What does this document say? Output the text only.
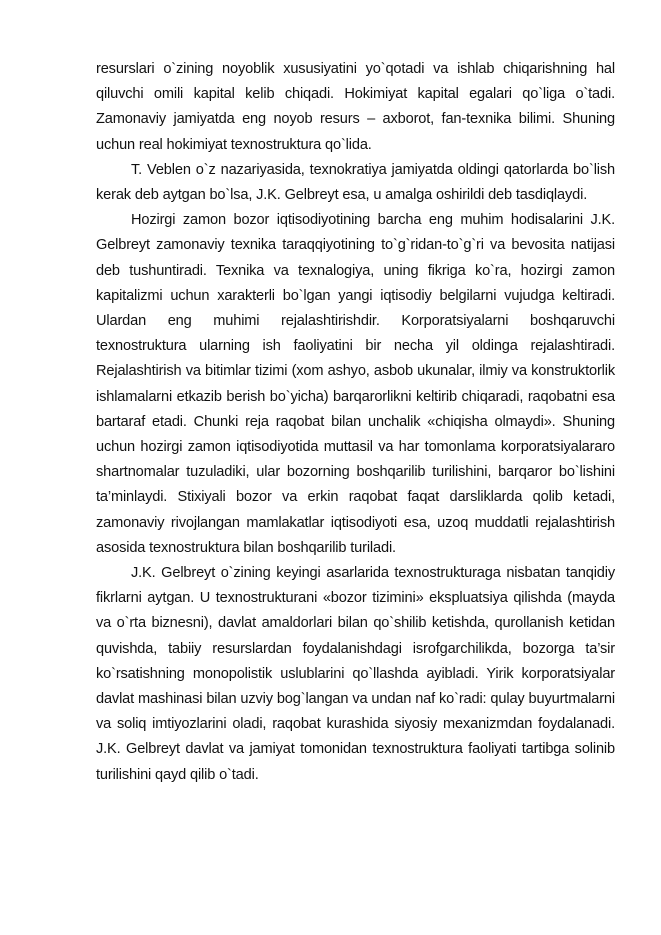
resurslari o`zining noyoblik xususiyatini yo`qotadi va ishlab chiqarishning hal qiluvchi omili kapital kelib chiqadi. Hokimiyat kapital egalari qo`liga o`tadi. Zamonaviy jamiyatda eng noyob resurs – axborot, fan-texnika bilimi. Shuning uchun real hokimiyat texnostruktura qo`lida.

T. Veblen o`z nazariyasida, texnokratiya jamiyatda oldingi qatorlarda bo`lish kerak deb aytgan bo`lsa, J.K. Gelbreyt esa, u amalga oshirildi deb tasdiqlaydi.

Hozirgi zamon bozor iqtisodiyotining barcha eng muhim hodisalarini J.K. Gelbreyt zamonaviy texnika taraqqiyotining to`g`ridan-to`g`ri va bevosita natijasi deb tushuntiradi. Texnika va texnalogiya, uning fikriga ko`ra, hozirgi zamon kapitalizmi uchun xarakterli bo`lgan yangi iqtisodiy belgilarni vujudga keltiradi. Ulardan eng muhimi rejalashtirishdir. Korporatsiyalarni boshqaruvchi texnostruktura ularning ish faoliyatini bir necha yil oldinga rejalashtiradi. Rejalashtirish va bitimlar tizimi (xom ashyo, asbob ukunalar, ilmiy va konstruktorlik ishlamalarni etkazib berish bo`yicha) barqarorlikni keltirib chiqaradi, raqobatni esa bartaraf etadi. Chunki reja raqobat bilan unchalik «chiqisha olmaydi». Shuning uchun hozirgi zamon iqtisodiyotida muttasil va har tomonlama korporatsiyalararo shartnomalar tuzuladiki, ular bozorning boshqarilib turilishini, barqaror bo`lishini ta’minlaydi. Stixiyali bozor va erkin raqobat faqat darsliklarda qolib ketadi, zamonaviy rivojlangan mamlakatlar iqtisodiyoti esa, uzoq muddatli rejalashtirish asosida texnostruktura bilan boshqarilib turiladi.

J.K. Gelbreyt o`zining keyingi asarlarida texnostrukturaga nisbatan tanqidiy fikrlarni aytgan. U texnostrukturani «bozor tizimini» ekspluatsiya qilishda (mayda va o`rta biznesni), davlat amaldorlari bilan qo`shilib ketishda, qurollanish ketidan quvishda, tabiiy resurslardan foydalanishdagi isrofgarchilikda, bozorga ta’sir ko`rsatishning monopolistik uslublarini qo`llashda ayibladi. Yirik korporatsiyalar davlat mashinasi bilan uzviy bog`langan va undan naf ko`radi: qulay buyurtmalarni va soliq imtiyozlarini oladi, raqobat kurashida siyosiy mexanizmdan foydalanadi. J.K. Gelbreyt davlat va jamiyat tomonidan texnostruktura faoliyati tartibga solinib turilishini qayd qilib o`tadi.
